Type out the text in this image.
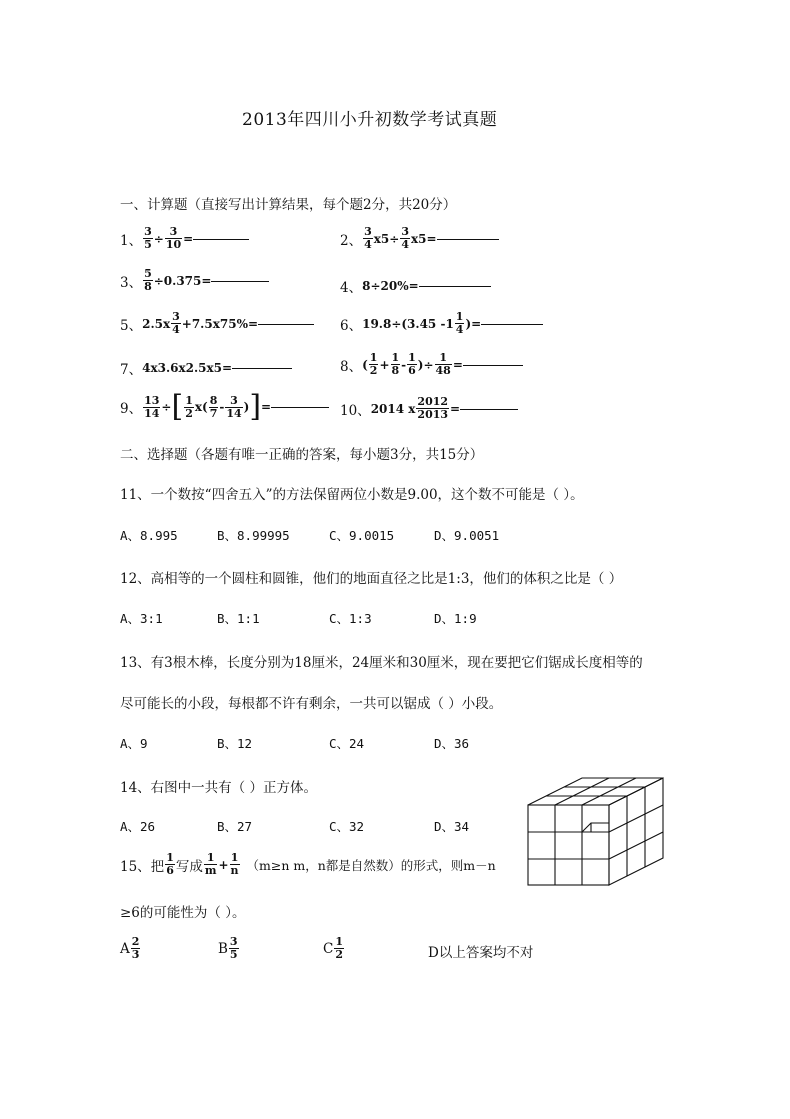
2013年四川小升初数学考试真题
一、计算题（直接写出计算结果，每个题2分，共20分）
1、 $\frac{3}{5} \div \frac{3}{10}$ =	2、 $\frac{3}{4} x5\div \frac{3}{4} x5$ =
3、 $\frac{5}{8} \div 0.375$ =	4、 8÷20% =
5、 $2.5x \frac{3}{4} +7.5x75\%$ =	6、 19.8÷(3.45 $-1 \frac{1}{4}$ ) =
7、 4x3.6x2.5x5 =	8、 ( $\frac{1}{2} + \frac{1}{8} - \frac{1}{6}$ )÷ $\frac{1}{48}$ =
9、 $\frac{13}{14}$ ÷ [ $\frac{1}{2} x( \frac{8}{7} - \frac{3}{14}$ ) ] =	10、 2014 x $\frac{2012}{2013}$ =
二、选择题（各题有唯一正确的答案，每小题3分，共15分）
11、一个数按“四舍五入”的方法保留两位小数是9.00，这个数不可能是（ ）。
A、8.995	B、8.99995	C、9.0015	D、9.0051
12、高相等的一个圆柱和圆锥，他们的地面直径之比是1:3，他们的体积之比是（ ）
A、3:1	B、1:1	C、1:3	D、1:9
13、有3根木棒，长度分别为18厘米，24厘米和30厘米，现在要把它们锯成长度相等的
尽可能长的小段，每根都不许有剩余，一共可以锯成（ ）小段。
A、9	B、12	C、24	D、36
14、右图中一共有（ ）正方体。
A、26	B、27	C、32	D、34
15、把 $\frac{1}{6}$ 写成 $\frac{1}{m} + \frac{1}{n} (m\ge n$ m，n都是自然数）的形式，则m－n
≥6的可能性为（ ）。
A $\frac{2}{3}$	B $\frac{3}{5}$	C $\frac{1}{2}$	D以上答案均不对
